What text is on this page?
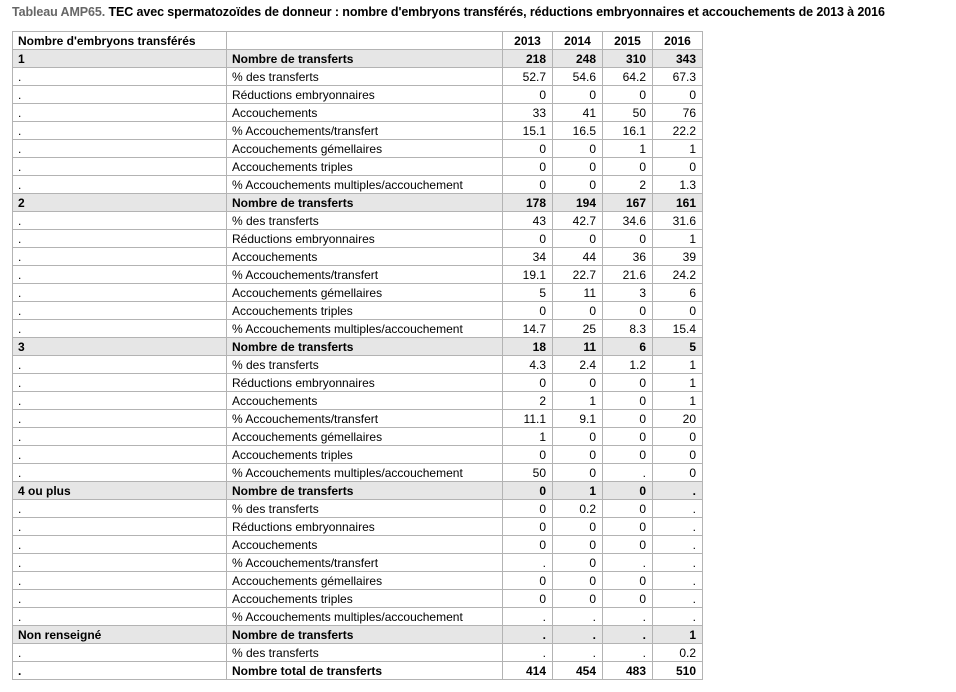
Tableau AMP65. TEC avec spermatozoïdes de donneur : nombre d'embryons transférés, réductions embryonnaires et accouchements de 2013 à 2016
Nombre d'embryons transférés		2013	2014	2015	2016
1	Nombre de transferts	218	248	310	343
.	% des transferts	52.7	54.6	64.2	67.3
.	Réductions embryonnaires	0	0	0	0
.	Accouchements	33	41	50	76
.	% Accouchements/transfert	15.1	16.5	16.1	22.2
.	Accouchements gémellaires	0	0	1	1
.	Accouchements triples	0	0	0	0
.	% Accouchements multiples/accouchement	0	0	2	1.3
2	Nombre de transferts	178	194	167	161
.	% des transferts	43	42.7	34.6	31.6
.	Réductions embryonnaires	0	0	0	1
.	Accouchements	34	44	36	39
.	% Accouchements/transfert	19.1	22.7	21.6	24.2
.	Accouchements gémellaires	5	11	3	6
.	Accouchements triples	0	0	0	0
.	% Accouchements multiples/accouchement	14.7	25	8.3	15.4
3	Nombre de transferts	18	11	6	5
.	% des transferts	4.3	2.4	1.2	1
.	Réductions embryonnaires	0	0	0	1
.	Accouchements	2	1	0	1
.	% Accouchements/transfert	11.1	9.1	0	20
.	Accouchements gémellaires	1	0	0	0
.	Accouchements triples	0	0	0	0
.	% Accouchements multiples/accouchement	50	0	.	0
4 ou plus	Nombre de transferts	0	1	0	.
.	% des transferts	0	0.2	0	.
.	Réductions embryonnaires	0	0	0	.
.	Accouchements	0	0	0	.
.	% Accouchements/transfert	.	0	.	.
.	Accouchements gémellaires	0	0	0	.
.	Accouchements triples	0	0	0	.
.	% Accouchements multiples/accouchement	.	.	.	.
Non renseigné	Nombre de transferts	.	.	.	1
.	% des transferts	.	.	.	0.2
.	Nombre total de transferts	414	454	483	510
